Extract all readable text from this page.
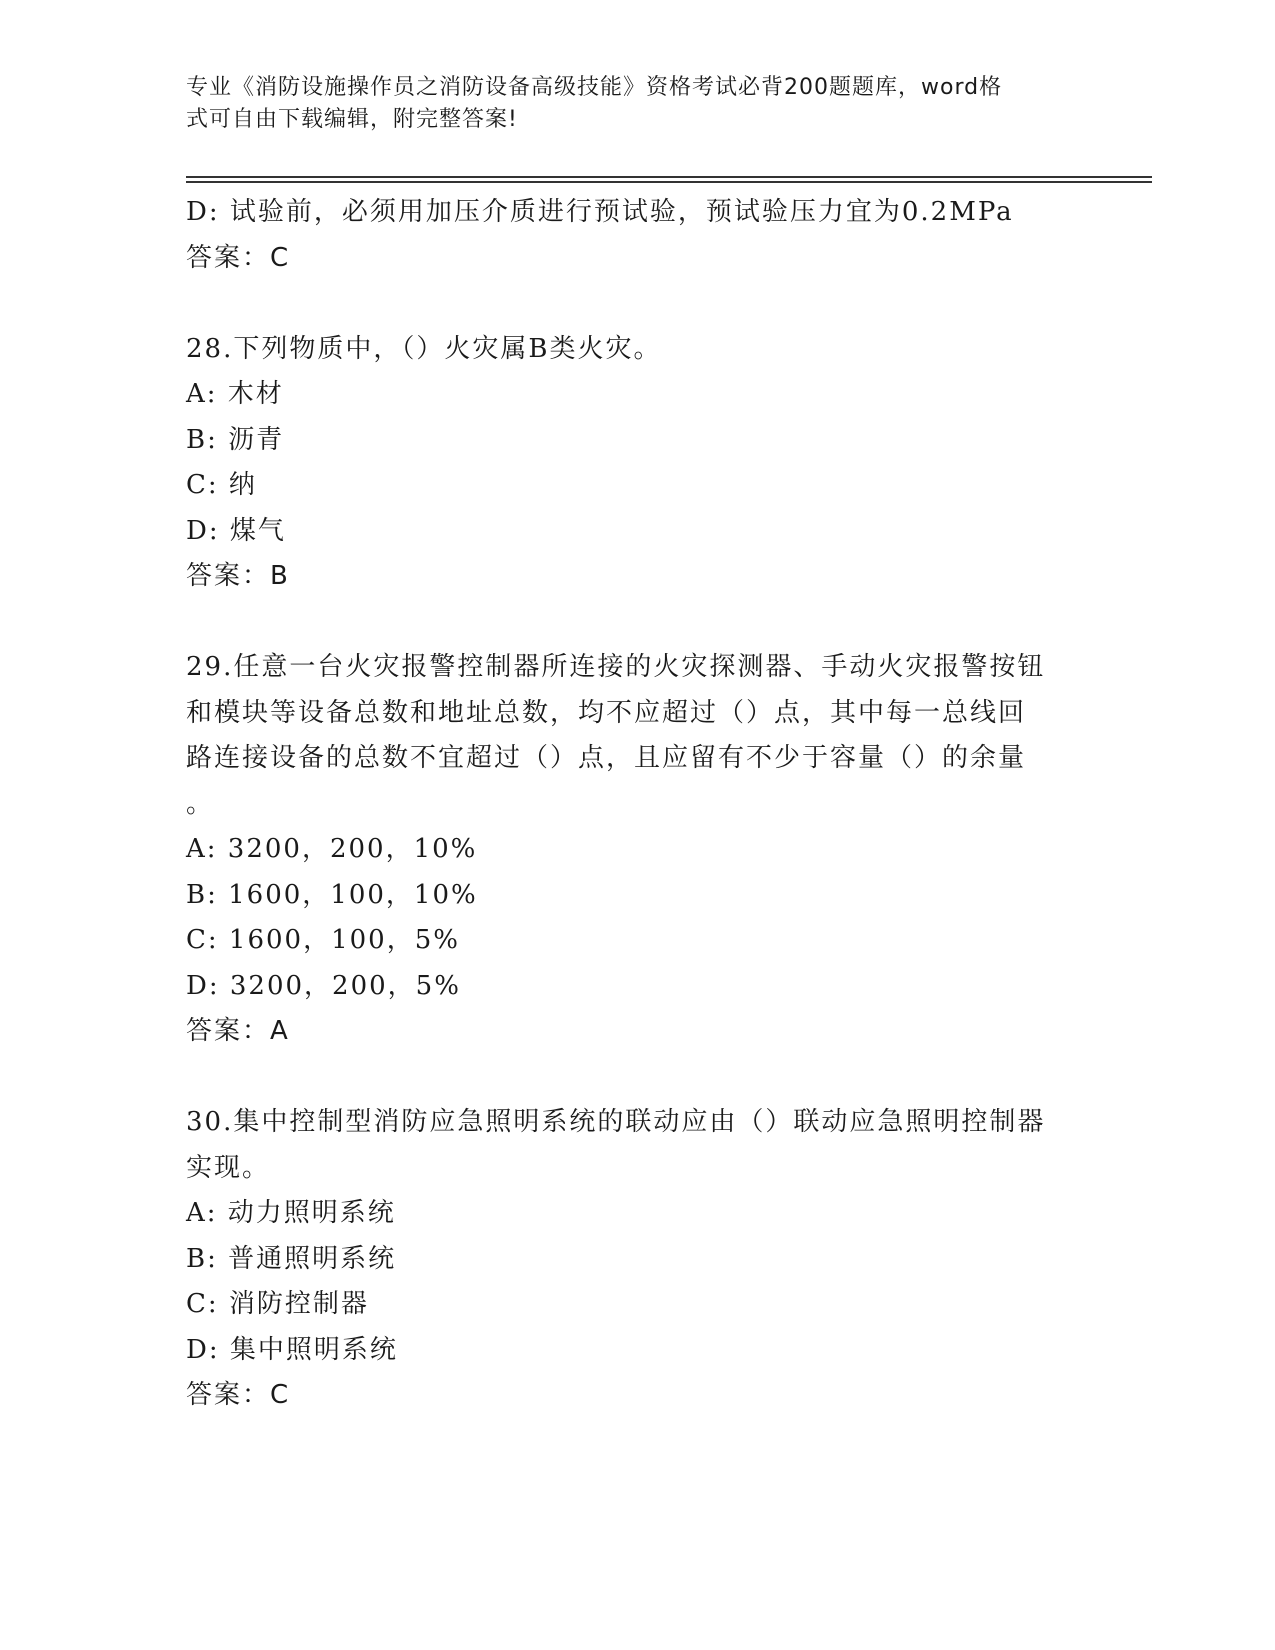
专业《消防设施操作员之消防设备高级技能》资格考试必背200题题库，word格
式可自由下载编辑，附完整答案!
D: 试验前，必须用加压介质进行预试验，预试验压力宜为0.2MPa
答案：C
28.下列物质中，（）火灾属B类火灾。
A: 木材
B: 沥青
C: 纳
D: 煤气
答案：B
29.任意一台火灾报警控制器所连接的火灾探测器、手动火灾报警按钮
和模块等设备总数和地址总数，均不应超过（）点，其中每一总线回
路连接设备的总数不宜超过（）点，且应留有不少于容量（）的余量
。
A: 3200，200，10%
B: 1600，100，10%
C: 1600，100，5%
D: 3200，200，5%
答案：A
30.集中控制型消防应急照明系统的联动应由（）联动应急照明控制器
实现。
A: 动力照明系统
B: 普通照明系统
C: 消防控制器
D: 集中照明系统
答案：C
